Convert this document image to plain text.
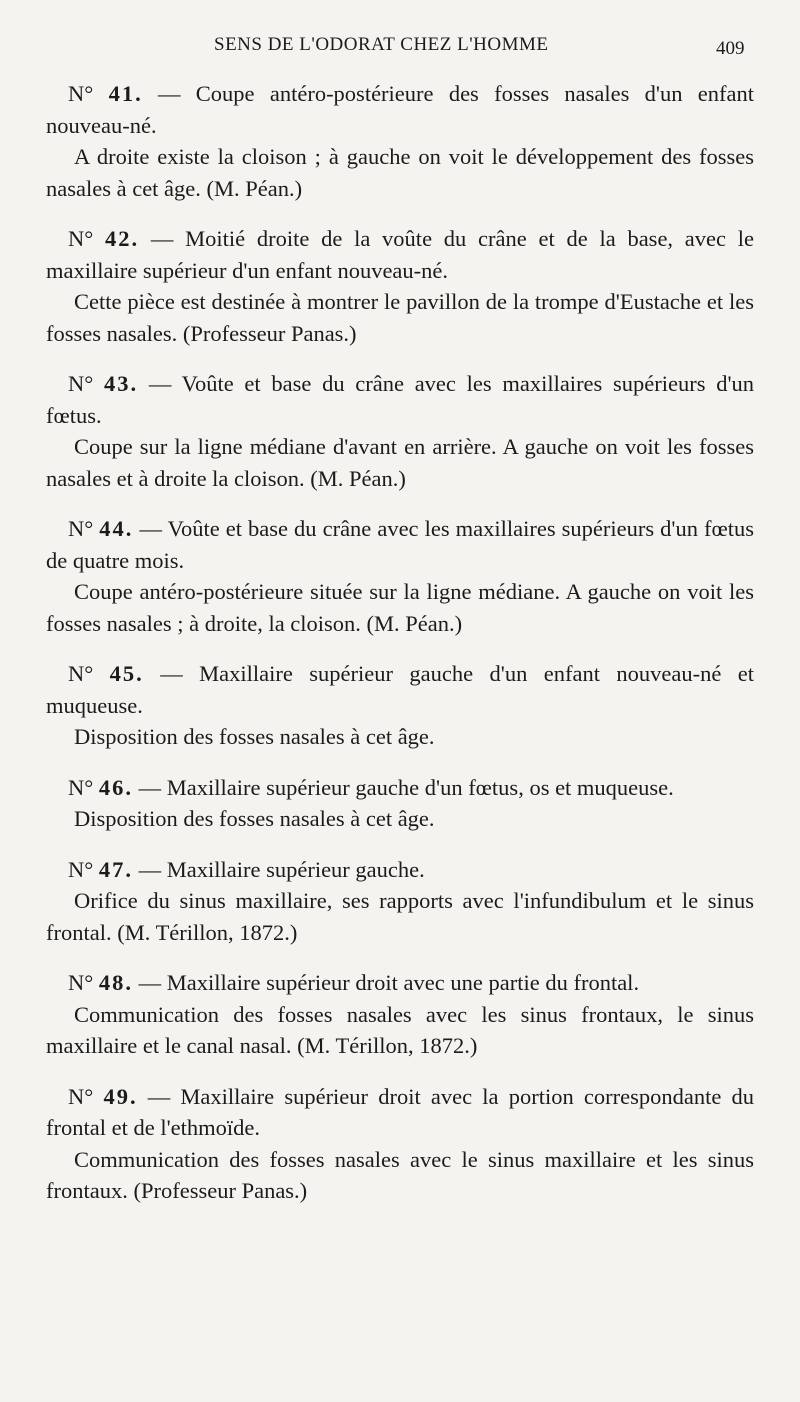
SENS DE L'ODORAT CHEZ L'HOMME	409

N° 41. — Coupe antéro-postérieure des fosses nasales d'un enfant nouveau-né.

A droite existe la cloison ; à gauche on voit le développement des fosses nasales à cet âge. (M. Péan.)

N° 42. — Moitié droite de la voûte du crâne et de la base, avec le maxillaire supérieur d'un enfant nouveau-né.

Cette pièce est destinée à montrer le pavillon de la trompe d'Eustache et les fosses nasales. (Professeur Panas.)

N° 43. — Voûte et base du crâne avec les maxillaires supérieurs d'un fœtus.

Coupe sur la ligne médiane d'avant en arrière. A gauche on voit les fosses nasales et à droite la cloison. (M. Péan.)

N° 44. — Voûte et base du crâne avec les maxillaires supérieurs d'un fœtus de quatre mois.

Coupe antéro-postérieure située sur la ligne médiane. A gauche on voit les fosses nasales ; à droite, la cloison. (M. Péan.)

N° 45. — Maxillaire supérieur gauche d'un enfant nouveau-né et muqueuse.

Disposition des fosses nasales à cet âge.

N° 46. — Maxillaire supérieur gauche d'un fœtus, os et muqueuse.

Disposition des fosses nasales à cet âge.

N° 47. — Maxillaire supérieur gauche.

Orifice du sinus maxillaire, ses rapports avec l'infundibulum et le sinus frontal. (M. Térillon, 1872.)

N° 48. — Maxillaire supérieur droit avec une partie du frontal.

Communication des fosses nasales avec les sinus frontaux, le sinus maxillaire et le canal nasal. (M. Térillon, 1872.)

N° 49. — Maxillaire supérieur droit avec la portion correspondante du frontal et de l'ethmoïde.

Communication des fosses nasales avec le sinus maxillaire et les sinus frontaux. (Professeur Panas.)
